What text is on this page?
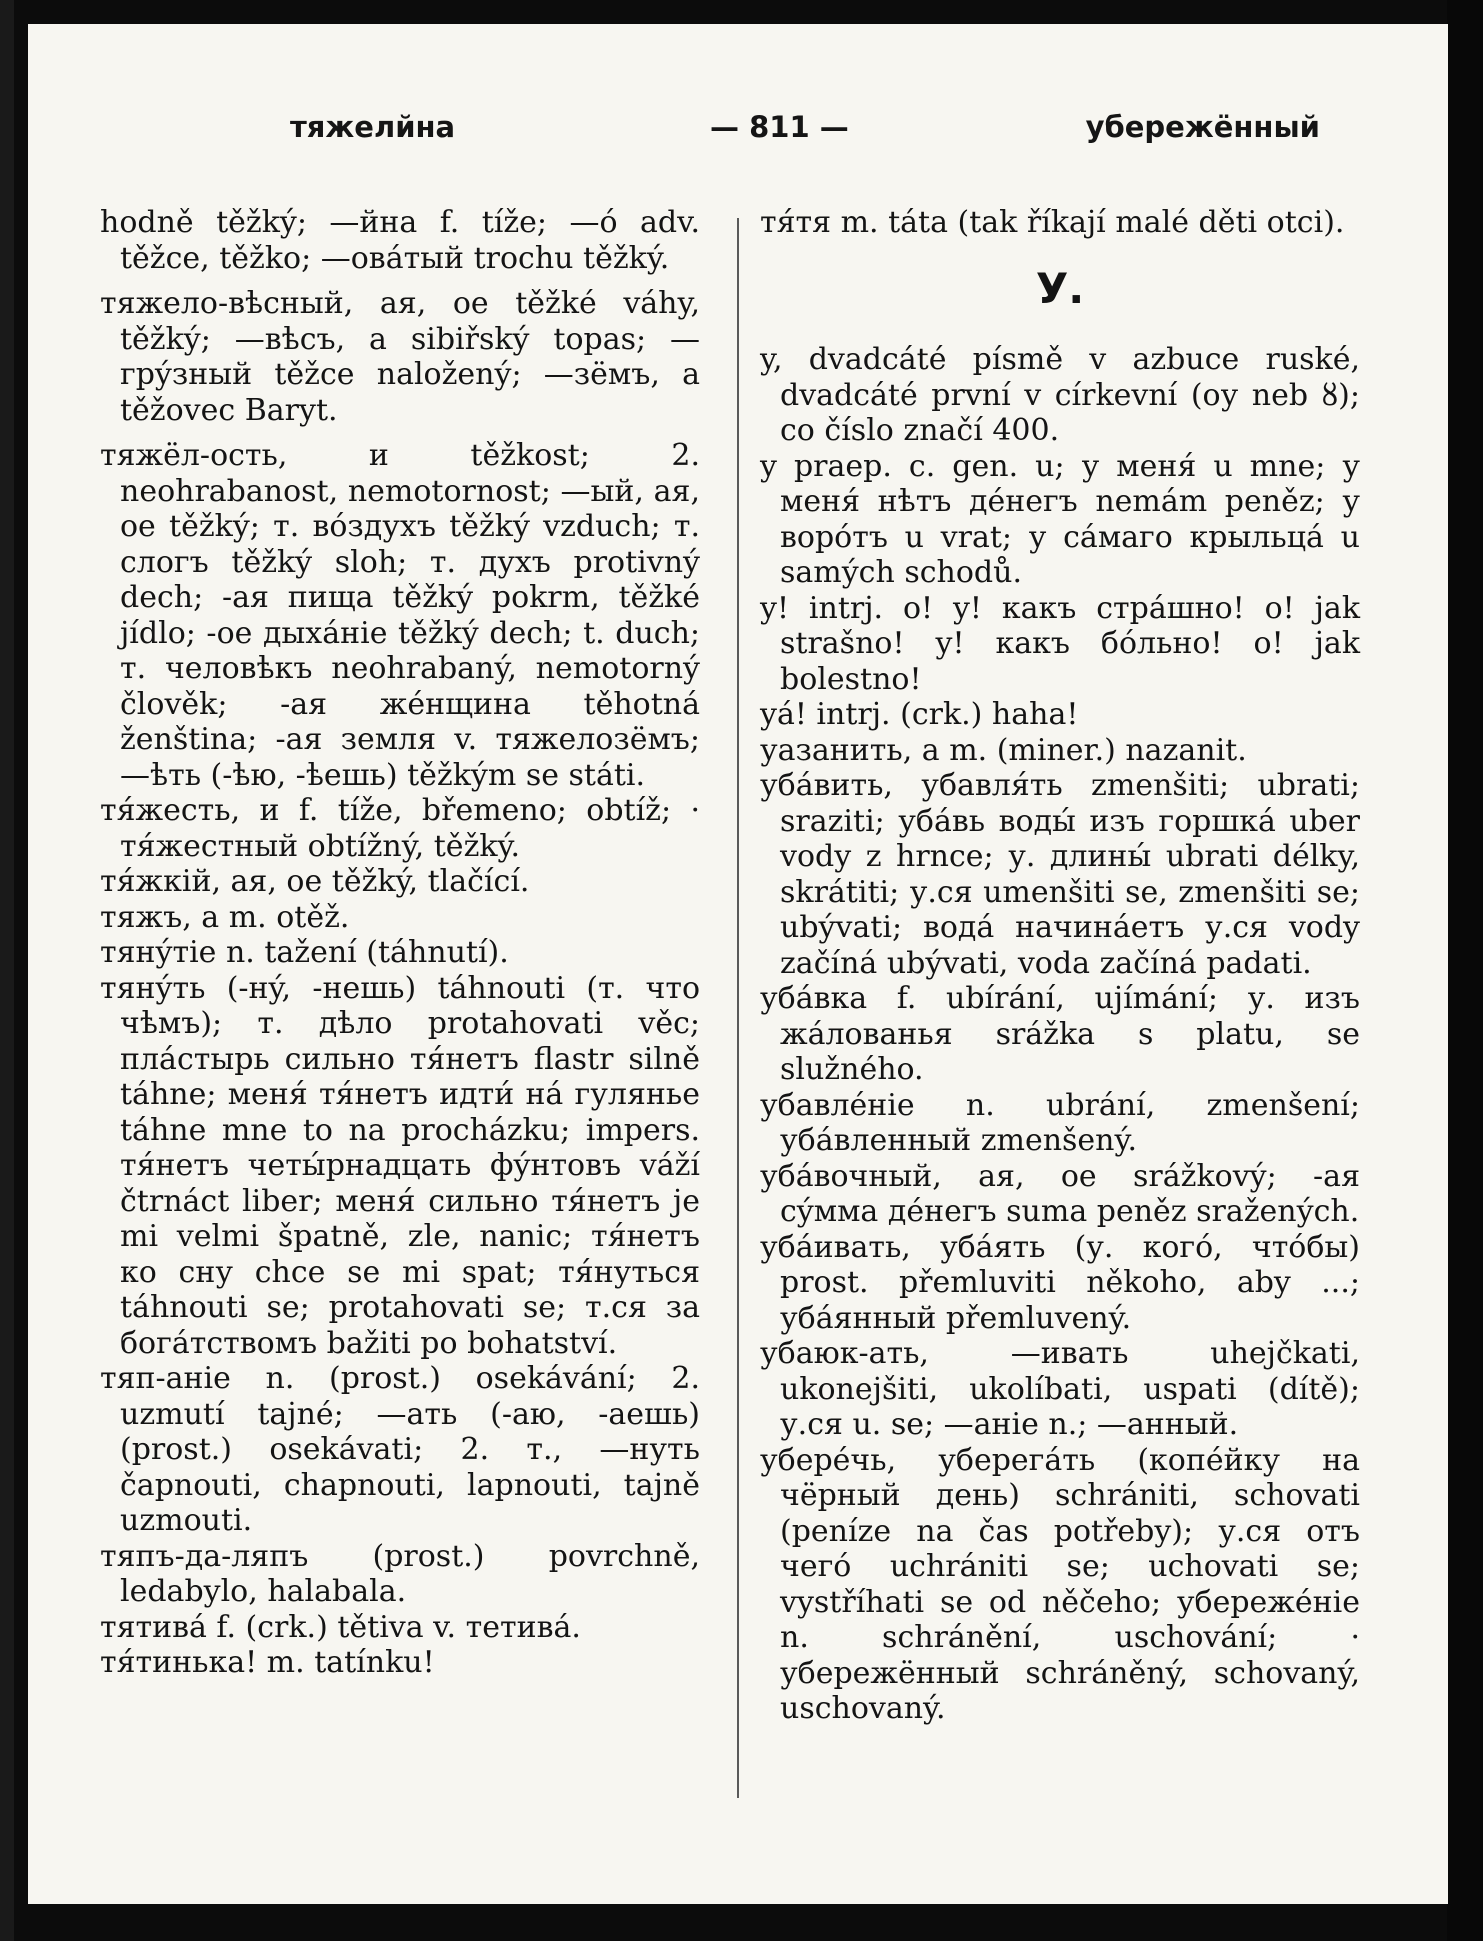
тяжелйна	— 811 —	убережённый

hodně těžký; —йна f. tíže; —ó adv. těžce, těžko; —овáтый trochu těžký.

тяжело-вѣсный, ая, ое těžké váhy, těžký; —вѣсъ, a sibiřský topas; —грýзный těžce naložený; —зёмъ, a těžovec Baryt.

тяжёл-ость, и těžkost; 2. neohrabanost, nemotornost; —ый, ая, ое těžký; т. вóздухъ těžký vzduch; т. слогъ těžký sloh; т. духъ protivný dech; -ая пища těžký pokrm, těžké jídlo; -ое дыхáніе těžký dech; t. duch; т. человѣкъ neohrabaný, nemotorný člověk; -ая жéнщина těhotná ženština; -ая земля v. тяжелозёмъ; —ѣть (-ѣю, -ѣешь) těžkým se státi.

тя́жесть, и f. tíže, břemeno; obtíž; · тя́жестный obtížný, těžký.

тя́жкій, ая, ое těžký, tlačící.

тяжъ, a m. otěž.

тянýтіе n. tažení (táhnutí).

тянýть (-нý, -нешь) táhnouti (т. что чѣмъ); т. дѣло protahovati věc; плáстырь сильно тя́нетъ flastr silně táhne; меня́ тя́нетъ идти́ на́ гулянье táhne mne to na procházku; impers. тя́нетъ четы́рнадцать фýнтовъ váží čtrnáct liber; меня́ сильно тя́нетъ je mi velmi špatně, zle, nanic; тя́нетъ ко сну chce se mi spat; тя́нуться táhnouti se; protahovati se; т.ся за богáтствомъ bažiti po bohatství.

тяп-аніе n. (prost.) osekávání; 2. uzmutí tajné; —ать (-аю, -аешь) (prost.) osekávati; 2. т., —нуть čapnouti, chapnouti, lapnouti, tajně uzmouti.

тяпъ-да-ляпъ (prost.) povrchně, ledabylo, halabala.

тятивá f. (crk.) tětiva v. тетивá.

тя́тинька! m. tatínku!

тя́тя m. táta (tak říkají malé děti otci).

У.

y, dvadcáté písmě v azbuce ruské, dvadcáté první v církevní (оу neb ȣ); co číslo značí 400.

y praep. c. gen. u; у меня́ u mne; у меня́ нѣтъ дéнегъ nemám peněz; у ворóтъ u vrat; у сáмаго крыльцá u samých schodů.

y! intrj. o! y! какъ стрáшно! o! jak strašno! y! какъ бóльно! o! jak bolestno!

yá! intrj. (crk.) haha!

уазанить, а m. (miner.) nazanit.

убáвить, убавля́ть zmenšiti; ubrati; sraziti; убáвь воды́ изъ горшкá uber vody z hrnce; у. длины́ ubrati délky, skrátiti; у.ся umenšiti se, zmenšiti se; ubývati; водá начинáетъ у.ся vody začíná ubývati, voda začíná padati.

убáвка f. ubírání, ujímání; у. изъ жáлованья srážka s platu, se služného.

убавлéніе n. ubrání, zmenšení; убáвленный zmenšený.

убáвочный, ая, ое srážkový; -ая сýмма дéнегъ suma peněz sražených.

убáивать, убáять (у. когó, чтóбы) prost. přemluviti někoho, aby ...; убáянный přemluvený.

убаюк-ать, —ивать uhejčkati, ukonejšiti, ukolíbati, uspati (dítě); у.ся u. se; —аніе n.; —анный.

уберéчь, уберегáть (копéйку на чёрный день) schrániti, schovati (peníze na čas potřeby); у.ся отъ чегó uchrániti se; uchovati se; vystříhati se od něčeho; убережéніе n. schránění, uschování; · убережённый schráněný, schovaný, uschovaný.
